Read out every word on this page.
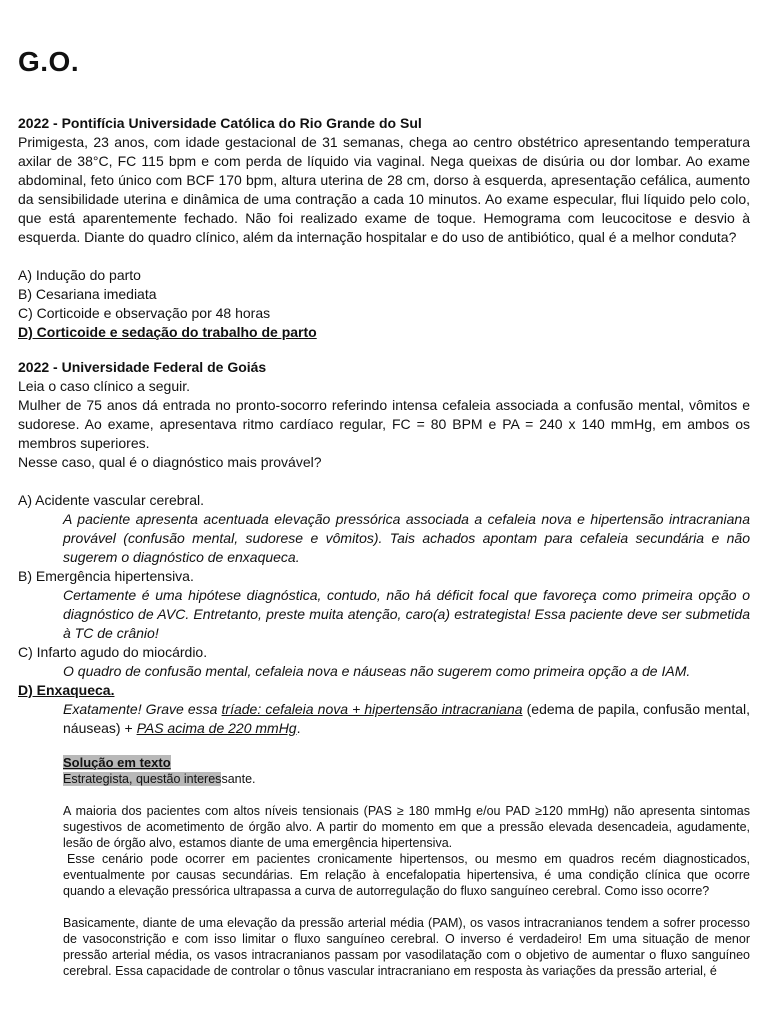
G.O.

2022 - Pontifícia Universidade Católica do Rio Grande do Sul

Primigesta, 23 anos, com idade gestacional de 31 semanas, chega ao centro obstétrico apresentando temperatura axilar de 38°C, FC 115 bpm e com perda de líquido via vaginal. Nega queixas de disúria ou dor lombar. Ao exame abdominal, feto único com BCF 170 bpm, altura uterina de 28 cm, dorso à esquerda, apresentação cefálica, aumento da sensibilidade uterina e dinâmica de uma contração a cada 10 minutos. Ao exame especular, flui líquido pelo colo, que está aparentemente fechado. Não foi realizado exame de toque. Hemograma com leucocitose e desvio à esquerda. Diante do quadro clínico, além da internação hospitalar e do uso de antibiótico, qual é a melhor conduta?

A) Indução do parto

B) Cesariana imediata

C) Corticoide e observação por 48 horas

D) Corticoide e sedação do trabalho de parto

2022 - Universidade Federal de Goiás

Leia o caso clínico a seguir.

Mulher de 75 anos dá entrada no pronto-socorro referindo intensa cefaleia associada a confusão mental, vômitos e sudorese. Ao exame, apresentava ritmo cardíaco regular, FC = 80 BPM e PA = 240 x 140 mmHg, em ambos os membros superiores.

Nesse caso, qual é o diagnóstico mais provável?

A) Acidente vascular cerebral.

A paciente apresenta acentuada elevação pressórica associada a cefaleia nova e hipertensão intracraniana provável (confusão mental, sudorese e vômitos). Tais achados apontam para cefaleia secundária e não sugerem o diagnóstico de enxaqueca.

B) Emergência hipertensiva.

Certamente é uma hipótese diagnóstica, contudo, não há déficit focal que favoreça como primeira opção o diagnóstico de AVC. Entretanto, preste muita atenção, caro(a) estrategista! Essa paciente deve ser submetida à TC de crânio!

C) Infarto agudo do miocárdio.

O quadro de confusão mental, cefaleia nova e náuseas não sugerem como primeira opção a de IAM.

D) Enxaqueca.

Exatamente! Grave essa tríade: cefaleia nova + hipertensão intracraniana (edema de papila, confusão mental, náuseas) + PAS acima de 220 mmHg.

Solução em texto

Estrategista, questão interessante.

A maioria dos pacientes com altos níveis tensionais (PAS ≥ 180 mmHg e/ou PAD ≥120 mmHg) não apresenta sintomas sugestivos de acometimento de órgão alvo. A partir do momento em que a pressão elevada desencadeia, agudamente, lesão de órgão alvo, estamos diante de uma emergência hipertensiva.

Esse cenário pode ocorrer em pacientes cronicamente hipertensos, ou mesmo em quadros recém diagnosticados, eventualmente por causas secundárias. Em relação à encefalopatia hipertensiva, é uma condição clínica que ocorre quando a elevação pressórica ultrapassa a curva de autorregulação do fluxo sanguíneo cerebral. Como isso ocorre?

Basicamente, diante de uma elevação da pressão arterial média (PAM), os vasos intracranianos tendem a sofrer processo de vasoconstrição e com isso limitar o fluxo sanguíneo cerebral. O inverso é verdadeiro! Em uma situação de menor pressão arterial média, os vasos intracranianos passam por vasodilatação com o objetivo de aumentar o fluxo sanguíneo cerebral. Essa capacidade de controlar o tônus vascular intracraniano em resposta às variações da pressão arterial, é
